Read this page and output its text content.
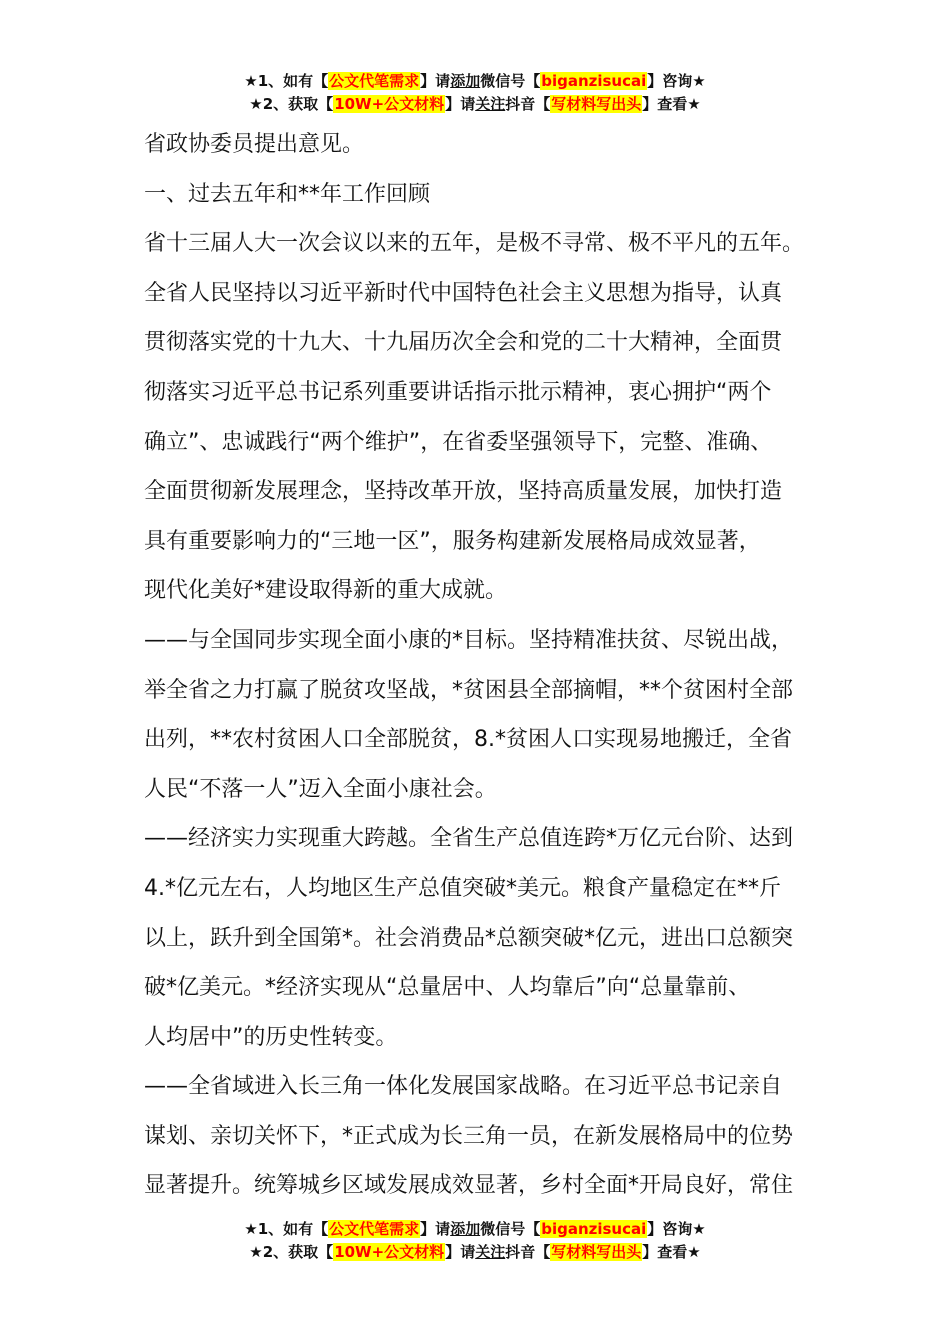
★1、如有【公文代笔需求】请添加微信号【biganzisucai】咨询★
★2、获取【10W+公文材料】请关注抖音【写材料写出头】查看★
省政协委员提出意见。
一、过去五年和**年工作回顾
省十三届人大一次会议以来的五年，是极不寻常、极不平凡的五年。
全省人民坚持以习近平新时代中国特色社会主义思想为指导，认真
贯彻落实党的十九大、十九届历次全会和党的二十大精神，全面贯
彻落实习近平总书记系列重要讲话指示批示精神，衷心拥护“两个
确立”、忠诚践行“两个维护”，在省委坚强领导下，完整、准确、
全面贯彻新发展理念，坚持改革开放，坚持高质量发展，加快打造
具有重要影响力的“三地一区”，服务构建新发展格局成效显著，
现代化美好*建设取得新的重大成就。
——与全国同步实现全面小康的*目标。坚持精准扶贫、尽锐出战，
举全省之力打赢了脱贫攻坚战，*贫困县全部摘帽，**个贫困村全部
出列，**农村贫困人口全部脱贫，8.*贫困人口实现易地搬迁，全省
人民“不落一人”迈入全面小康社会。
——经济实力实现重大跨越。全省生产总值连跨*万亿元台阶、达到
4.*亿元左右，人均地区生产总值突破*美元。粮食产量稳定在**斤
以上，跃升到全国第*。社会消费品*总额突破*亿元，进出口总额突
破*亿美元。*经济实现从“总量居中、人均靠后”向“总量靠前、
人均居中”的历史性转变。
——全省域进入长三角一体化发展国家战略。在习近平总书记亲自
谋划、亲切关怀下，*正式成为长三角一员，在新发展格局中的位势
显著提升。统筹城乡区域发展成效显著，乡村全面*开局良好，常住
★1、如有【公文代笔需求】请添加微信号【biganzisucai】咨询★
★2、获取【10W+公文材料】请关注抖音【写材料写出头】查看★
